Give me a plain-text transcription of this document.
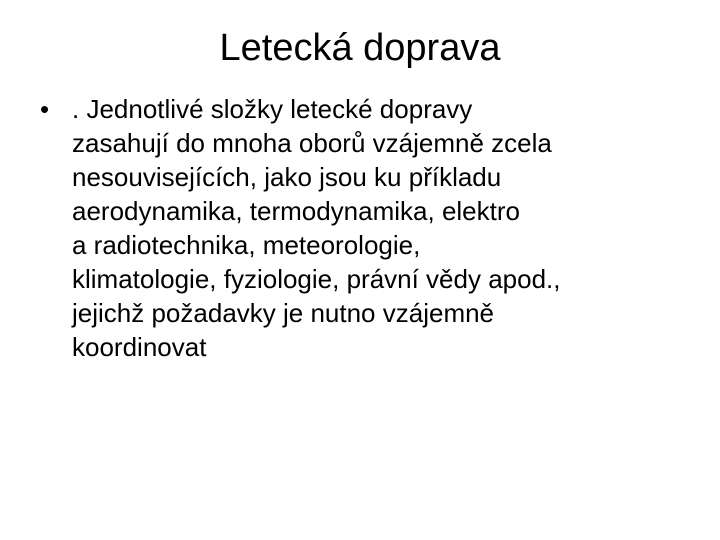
Letecká doprava
• . Jednotlivé složky letecké dopravy
zasahují do mnoha oborů vzájemně zcela
nesouvisejících, jako jsou ku příkladu
aerodynamika, termodynamika, elektro
a radiotechnika, meteorologie,
klimatologie, fyziologie, právní vědy apod.,
jejichž požadavky je nutno vzájemně
koordinovat
